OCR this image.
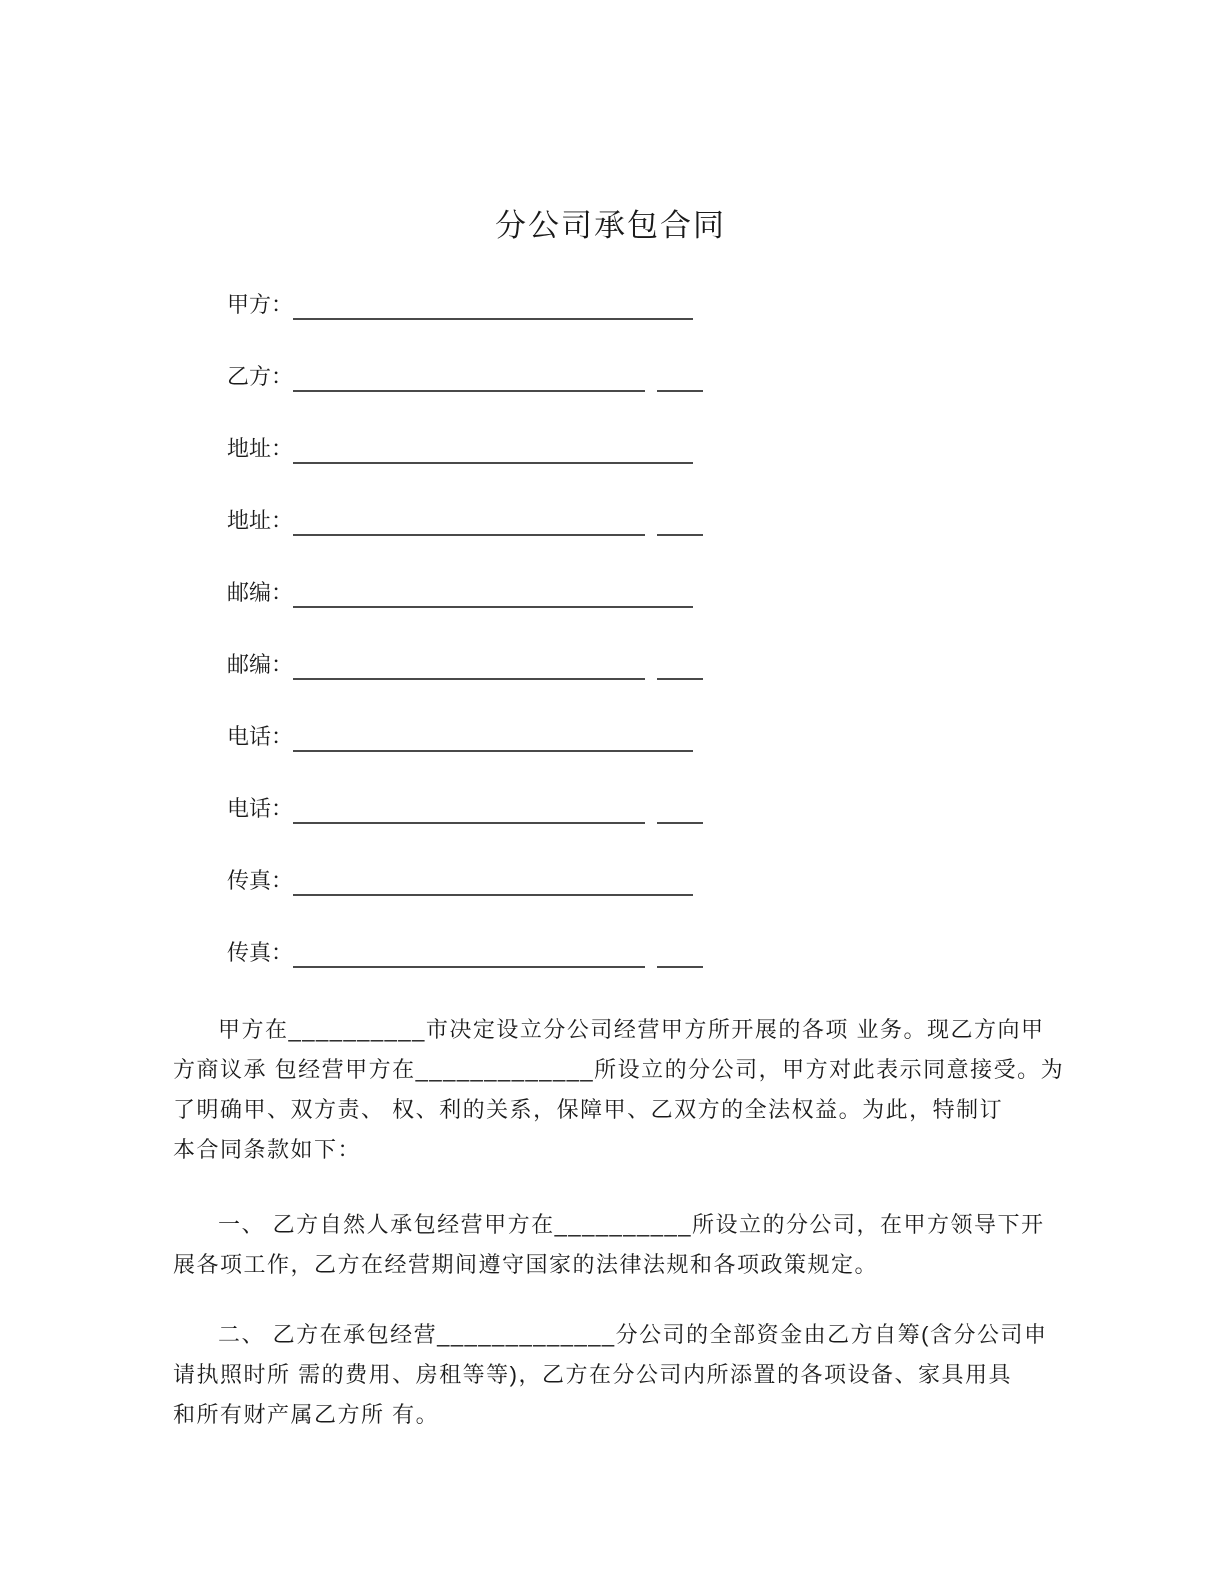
分公司承包合同
甲方 ：
乙方 ：
地址 ：
地址 ：
邮编 ：
邮编 ：
电话 ：
电话 ：
传真 ：
传真 ：

甲方在__________市决定设立分公司经营甲方所开展的各项 业务。现乙方向甲
方商议承 包经营甲方在_____________所设立的分公司，甲方对此表示同意接受。为
了明确甲、双方责、 权、利的关系，保障甲、乙双方的全法权益。为此，特制订
本合同条款如下：

一、 乙方自然人承包经营甲方在__________所设立的分公司，在甲方领导下开
展各项工作，乙方在经营期间遵守国家的法律法规和各项政策规定。

二、 乙方在承包经营_____________分公司的全部资金由乙方自筹(含分公司申
请执照时所 需的费用、房租等等)，乙方在分公司内所添置的各项设备、家具用具
和所有财产属乙方所 有。
